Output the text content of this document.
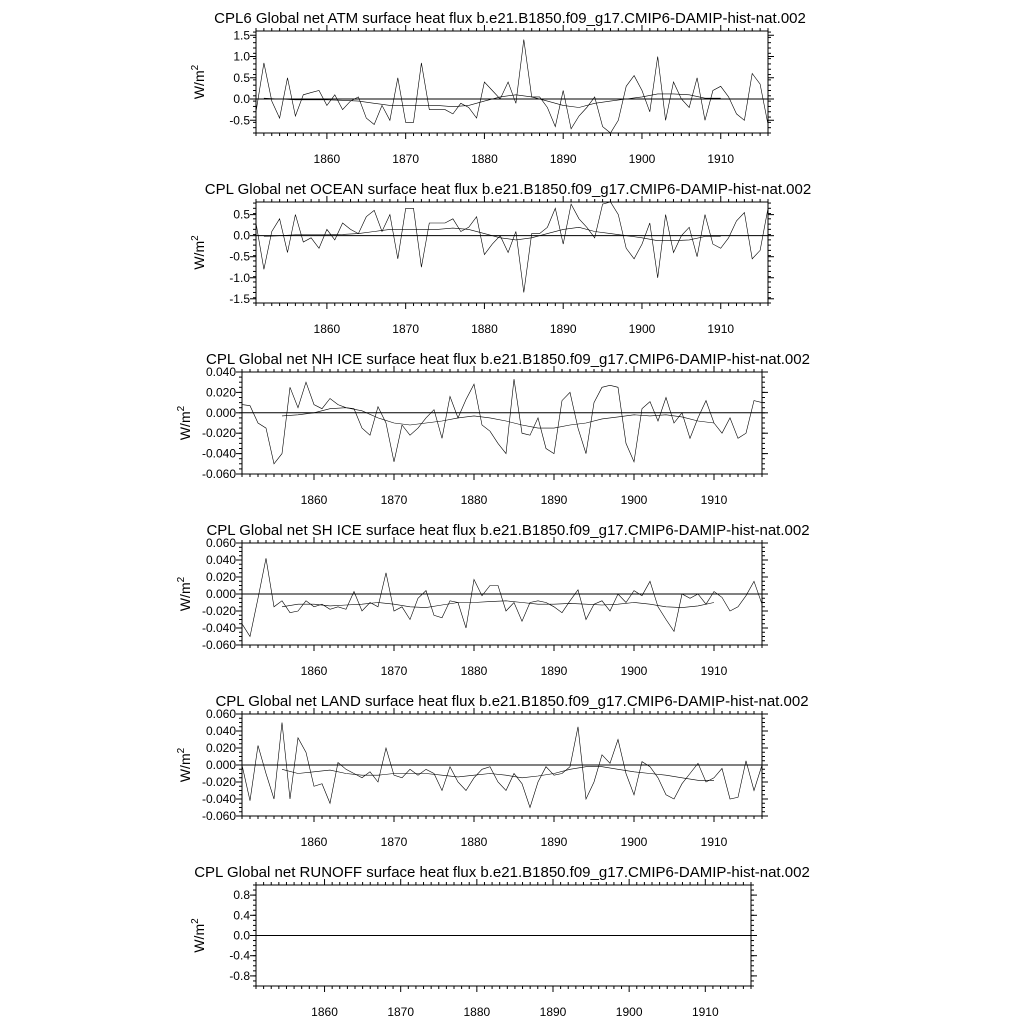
CPL6 Global net ATM surface heat flux b.e21.B1850.f09_g17.CMIP6-DAMIP-hist-nat.002
$W/m^2$
1860	1870	1880	1890	1900	1910
-0.5
0.0
0.5
1.0
1.5
CPL Global net OCEAN surface heat flux b.e21.B1850.f09_g17.CMIP6-DAMIP-hist-nat.002
$W/m^2$
1860	1870	1880	1890	1900	1910
-1.5
-1.0
-0.5
0.0
0.5
CPL Global net NH ICE surface heat flux b.e21.B1850.f09_g17.CMIP6-DAMIP-hist-nat.002
$W/m^2$
1860	1870	1880	1890	1900	1910
-0.060
-0.040
-0.020
0.000
0.020
0.040
CPL Global net SH ICE surface heat flux b.e21.B1850.f09_g17.CMIP6-DAMIP-hist-nat.002
$W/m^2$
1860	1870	1880	1890	1900	1910
-0.060
-0.040
-0.020
0.000
0.020
0.040
0.060
CPL Global net LAND surface heat flux b.e21.B1850.f09_g17.CMIP6-DAMIP-hist-nat.002
$W/m^2$
1860	1870	1880	1890	1900	1910
-0.060
-0.040
-0.020
0.000
0.020
0.040
0.060
CPL Global net RUNOFF surface heat flux b.e21.B1850.f09_g17.CMIP6-DAMIP-hist-nat.002
$W/m^2$
1860	1870	1880	1890	1900	1910
-0.8
-0.4
0.0
0.4
0.8
